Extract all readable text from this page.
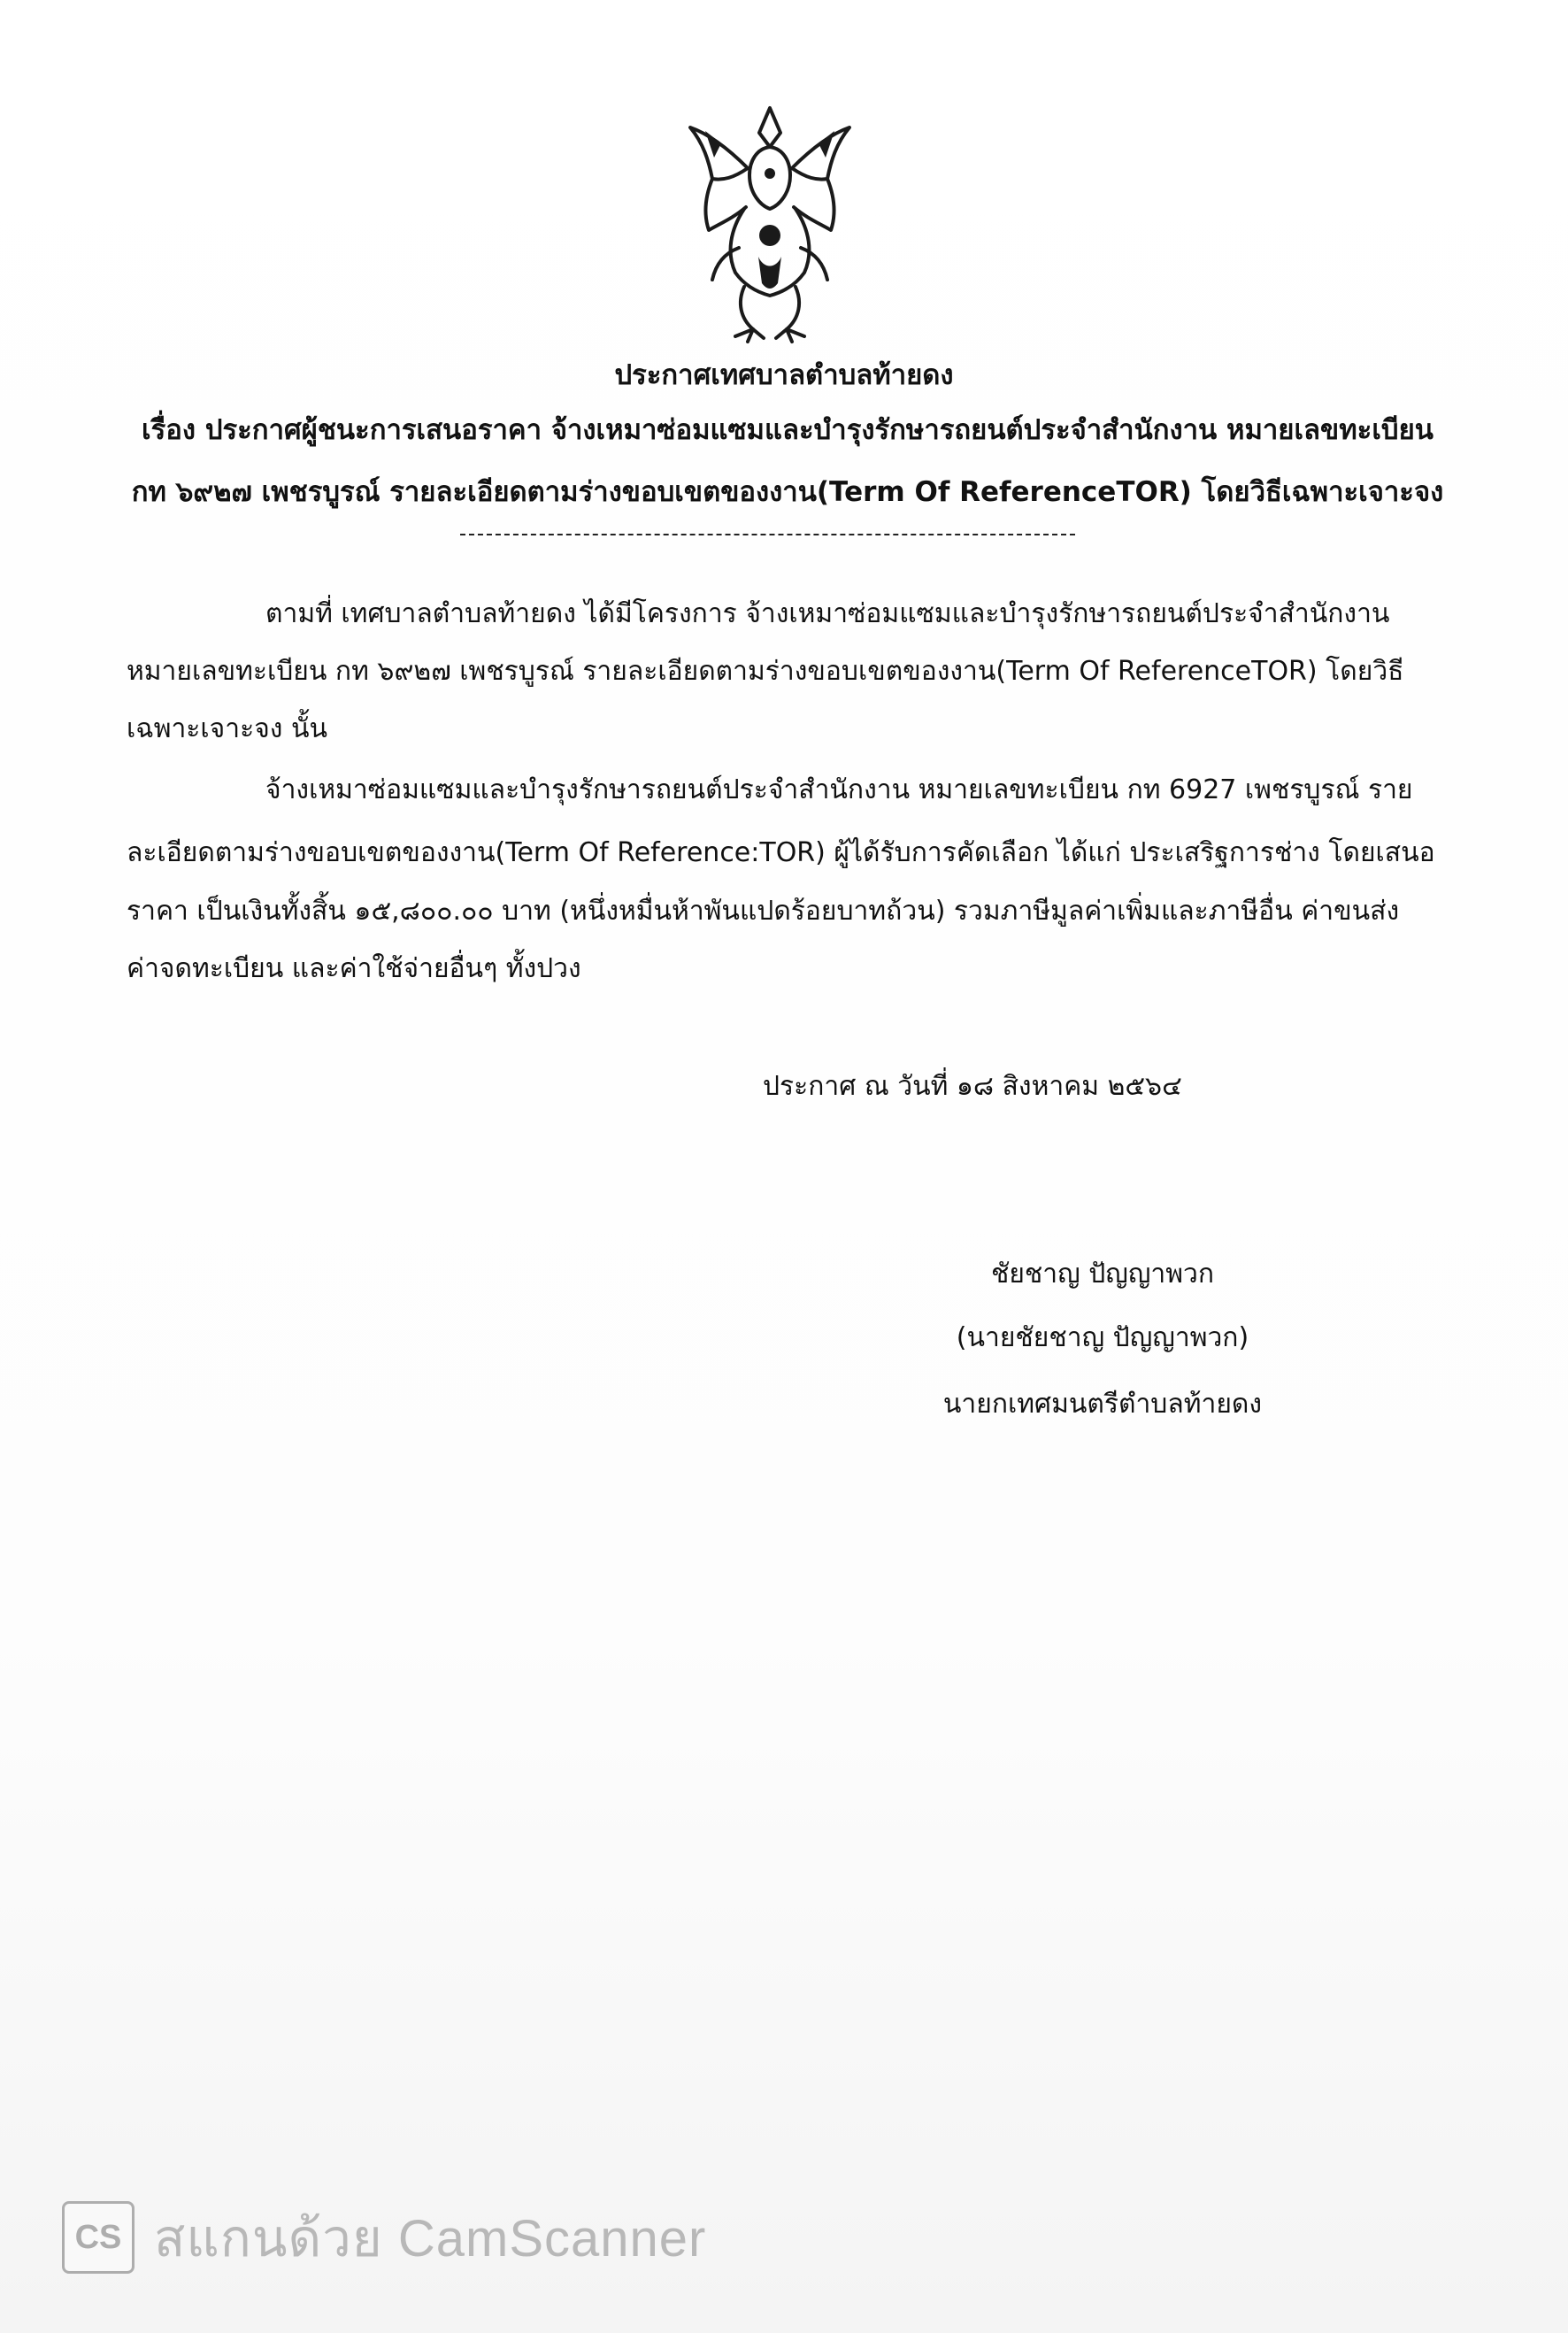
ประกาศเทศบาลตำบลท้ายดง
เรื่อง ประกาศผู้ชนะการเสนอราคา จ้างเหมาซ่อมแซมและบำรุงรักษารถยนต์ประจำสำนักงาน หมายเลขทะเบียน
กท ๖๙๒๗ เพชรบูรณ์ รายละเอียดตามร่างขอบเขตของงาน(Term Of ReferenceTOR) โดยวิธีเฉพาะเจาะจง
ตามที่ เทศบาลตำบลท้ายดง ได้มีโครงการ จ้างเหมาซ่อมแซมและบำรุงรักษารถยนต์ประจำสำนักงาน
หมายเลขทะเบียน กท ๖๙๒๗ เพชรบูรณ์ รายละเอียดตามร่างขอบเขตของงาน(Term Of ReferenceTOR) โดยวิธี
เฉพาะเจาะจง นั้น
จ้างเหมาซ่อมแซมและบำรุงรักษารถยนต์ประจำสำนักงาน หมายเลขทะเบียน กท 6927 เพชรบูรณ์ ราย
ละเอียดตามร่างขอบเขตของงาน(Term Of Reference:TOR) ผู้ได้รับการคัดเลือก ได้แก่ ประเสริฐการช่าง โดยเสนอ
ราคา เป็นเงินทั้งสิ้น ๑๕,๘๐๐.๐๐ บาท (หนึ่งหมื่นห้าพันแปดร้อยบาทถ้วน) รวมภาษีมูลค่าเพิ่มและภาษีอื่น ค่าขนส่ง
ค่าจดทะเบียน และค่าใช้จ่ายอื่นๆ ทั้งปวง
ประกาศ ณ วันที่ ๑๘ สิงหาคม ๒๕๖๔
ชัยชาญ ปัญญาพวก
(นายชัยชาญ ปัญญาพวก)
นายกเทศมนตรีตำบลท้ายดง
CS สแกนด้วย CamScanner
